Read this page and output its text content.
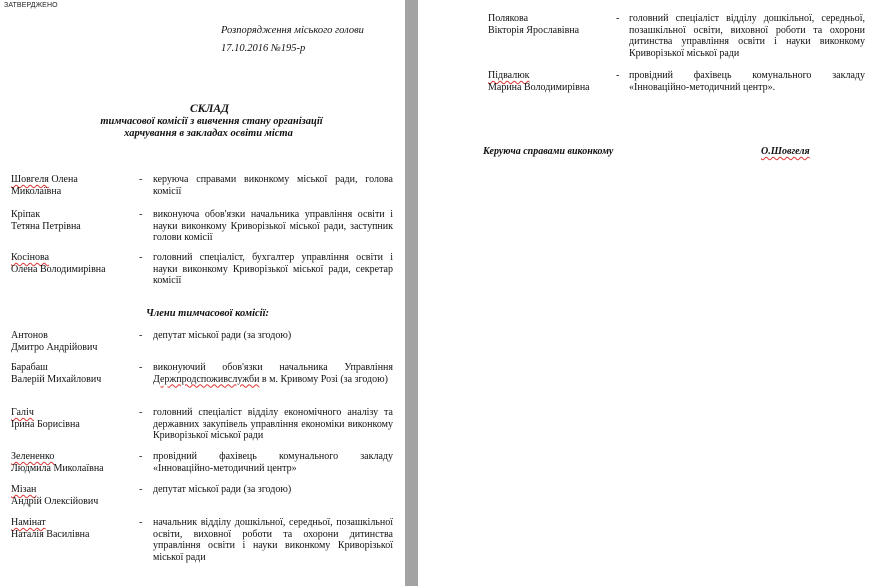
ЗАТВЕРДЖЕНО
Розпорядження міського голови
17.10.2016 №195-р
СКЛАД
тимчасової комісії з вивчення стану організації
харчування в закладах освіти міста
Шовгеля Олена
Миколаївна
- керуюча справами виконкому міської ради, голова комісії
Кріпак
Тетяна Петрівна
- виконуюча обов'язки начальника управління освіти і науки виконкому Криворізької міської ради, заступник голови комісії
Косінова
Олена Володимирівна
- головний спеціаліст, бухгалтер управління освіти і науки виконкому Криворізької міської ради, секретар комісії
Члени тимчасової комісії:
Антонов
Дмитро Андрійович
- депутат міської ради (за згодою)
Барабаш
Валерій Михайлович
- виконуючий обов'язки начальника Управління Держпродспоживслужби в м. Кривому Розі (за згодою)
Галіч
Ірина Борисівна
- головний спеціаліст відділу економічного аналізу та державних закупівель управління економіки виконкому Криворізької міської ради
Зелененко
Людмила Миколаївна
- провідний фахівець комунального закладу «Інноваційно-методичний центр»
Мізан
Андрій Олексійович
- депутат міської ради (за згодою)
Намінат
Наталія Василівна
- начальник відділу дошкільної, середньої, позашкільної освіти, виховної роботи та охорони дитинства управління освіти і науки виконкому Криворізької міської ради
Полякова
Вікторія Ярославівна
- головний спеціаліст відділу дошкільної, середньої, позашкільної освіти, виховної роботи та охорони дитинства управління освіти і науки виконкому Криворізької міської ради
Підвалюк
Марина Володимирівна
- провідний фахівець комунального закладу «Інноваційно-методичний центр».
Керуюча справами виконкому	О.Шовгеля
